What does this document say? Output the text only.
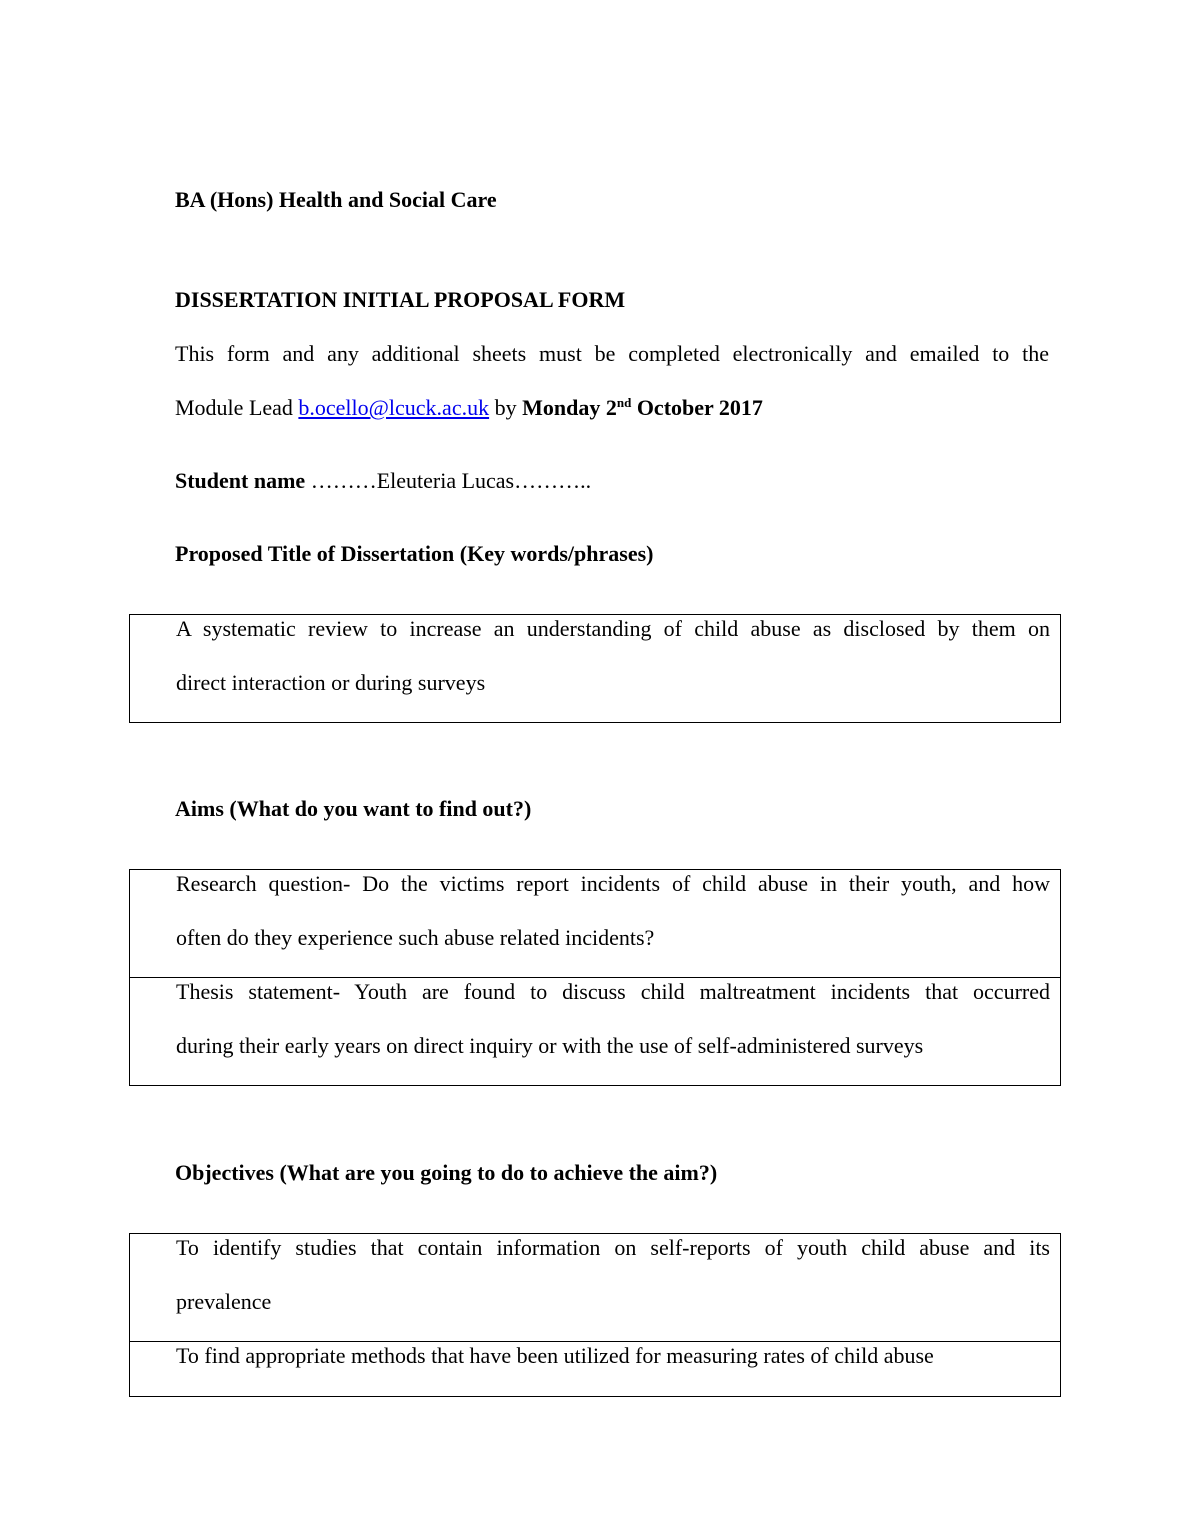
BA (Hons) Health and Social Care
DISSERTATION INITIAL PROPOSAL FORM
This form and any additional sheets must be completed electronically and emailed to the
Module Lead b.ocello@lcuck.ac.uk by Monday 2nd October 2017
Student name ………Eleuteria Lucas………..
Proposed Title of Dissertation (Key words/phrases)
A systematic review to increase an understanding of child abuse as disclosed by them on
direct interaction or during surveys
Aims (What do you want to find out?)
Research question- Do the victims report incidents of child abuse in their youth, and how
often do they experience such abuse related incidents?
Thesis statement- Youth are found to discuss child maltreatment incidents that occurred
during their early years on direct inquiry or with the use of self-administered surveys
Objectives (What are you going to do to achieve the aim?)
To identify studies that contain information on self-reports of youth child abuse and its
prevalence
To find appropriate methods that have been utilized for measuring rates of child abuse
